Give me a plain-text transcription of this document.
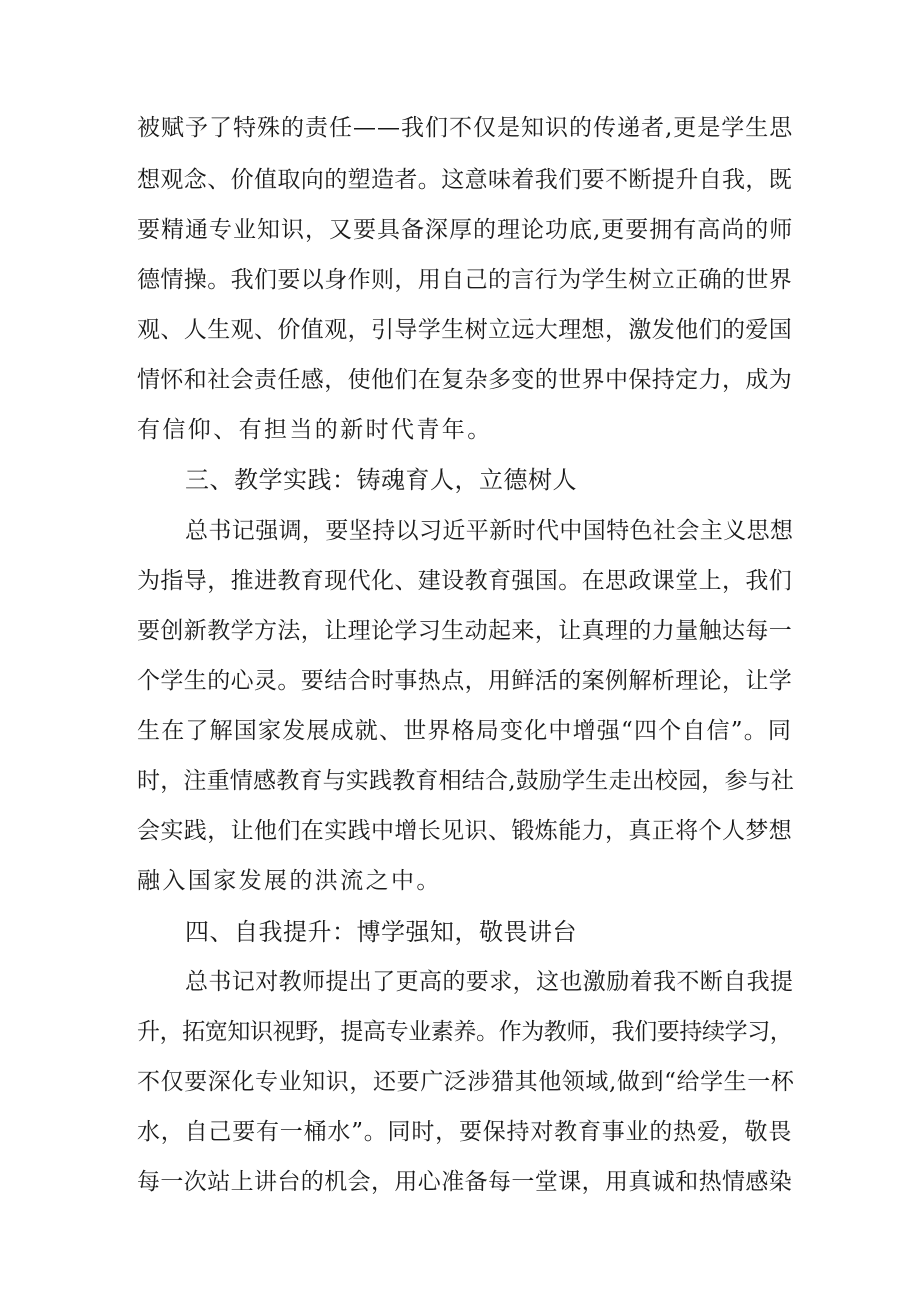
被赋予了特殊的责任——我们不仅是知识的传递者,更是学生思
想观念、价值取向的塑造者。这意味着我们要不断提升自我，既
要精通专业知识，又要具备深厚的理论功底,更要拥有高尚的师
德情操。我们要以身作则，用自己的言行为学生树立正确的世界
观、人生观、价值观，引导学生树立远大理想，激发他们的爱国
情怀和社会责任感，使他们在复杂多变的世界中保持定力，成为
有信仰、有担当的新时代青年。
三、教学实践：铸魂育人，立德树人
总书记强调，要坚持以习近平新时代中国特色社会主义思想
为指导，推进教育现代化、建设教育强国。在思政课堂上，我们
要创新教学方法，让理论学习生动起来，让真理的力量触达每一
个学生的心灵。要结合时事热点，用鲜活的案例解析理论，让学
生在了解国家发展成就、世界格局变化中增强“四个自信”。同
时，注重情感教育与实践教育相结合,鼓励学生走出校园，参与社
会实践，让他们在实践中增长见识、锻炼能力，真正将个人梦想
融入国家发展的洪流之中。
四、自我提升：博学强知，敬畏讲台
总书记对教师提出了更高的要求，这也激励着我不断自我提
升，拓宽知识视野，提高专业素养。作为教师，我们要持续学习，
不仅要深化专业知识，还要广泛涉猎其他领域,做到“给学生一杯
水，自己要有一桶水”。同时，要保持对教育事业的热爱，敬畏
每一次站上讲台的机会，用心准备每一堂课，用真诚和热情感染
